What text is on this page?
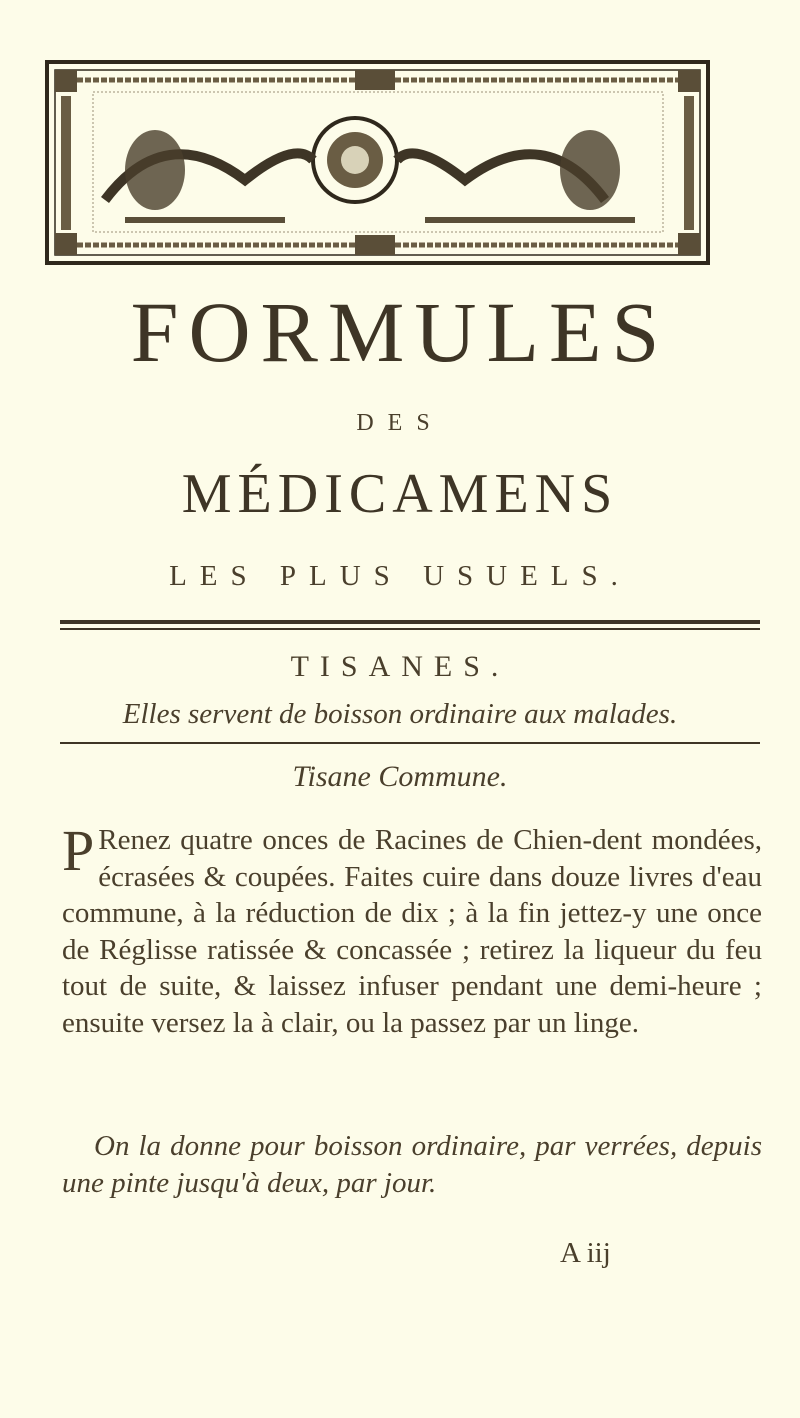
FORMULES
DES
MÉDICAMENS
LES PLUS USUELS.
TISANES.
Elles servent de boisson ordinaire aux malades.
Tisane Commune.
P Renez quatre onces de Racines de Chien-dent mondées, écrasées & coupées. Faites cuire dans douze livres d'eau commune, à la réduction de dix ; à la fin jettez-y une once de Réglisse ratissée & concassée ; retirez la liqueur du feu tout de suite, & laissez infuser pendant une demi-heure ; ensuite versez la à clair, ou la passez par un linge.
On la donne pour boisson ordinaire, par verrées, depuis une pinte jusqu'à deux, par jour.
A iij
